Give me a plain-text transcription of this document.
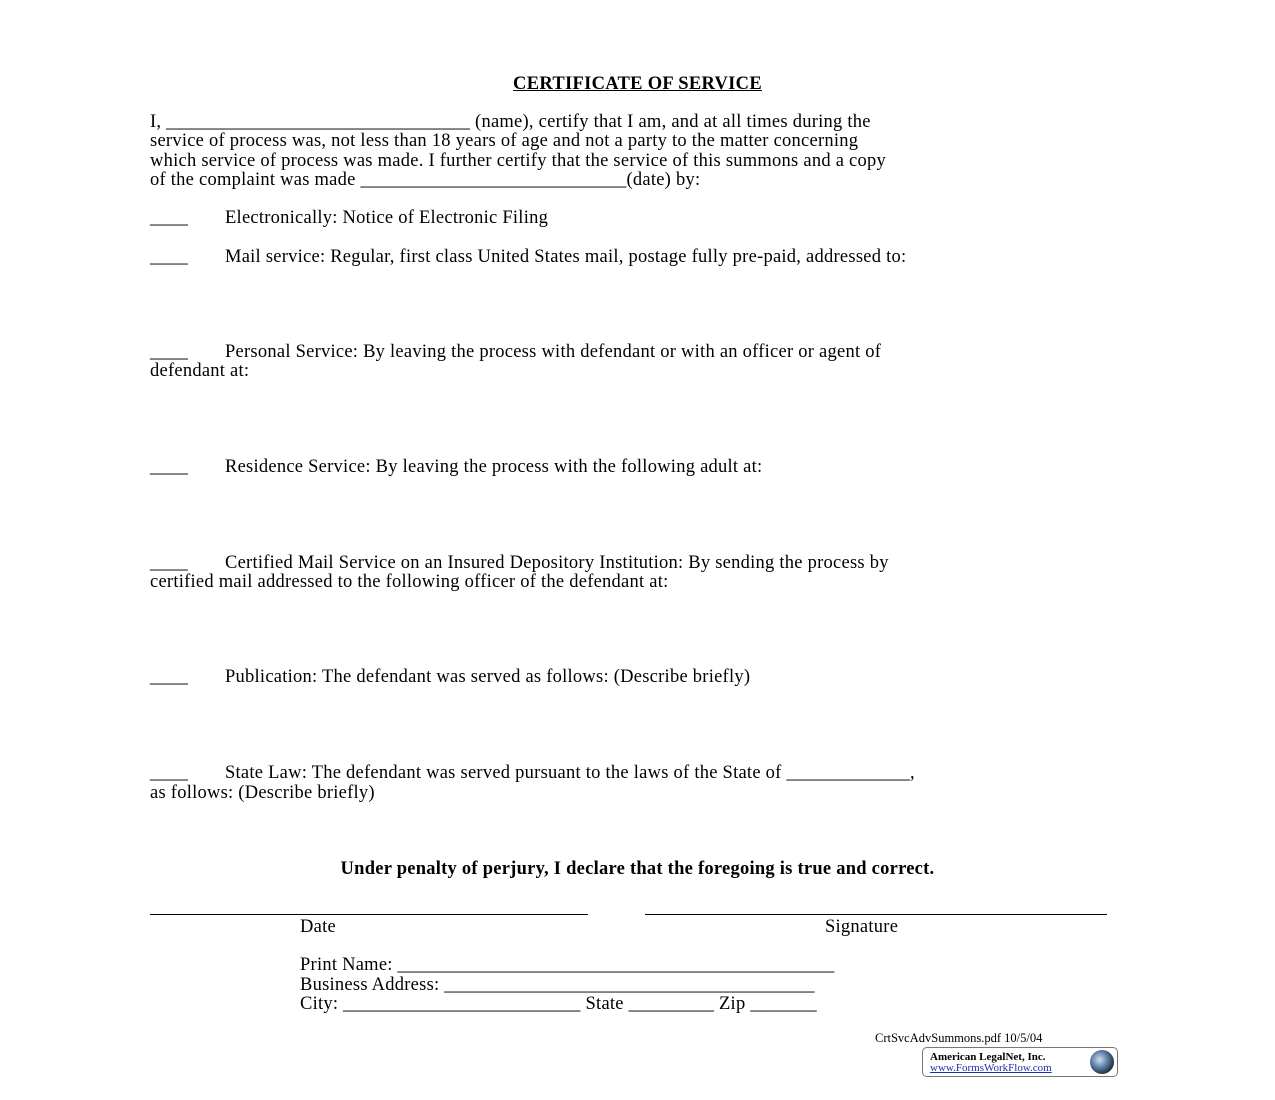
CERTIFICATE OF SERVICE
I, ________________________________ (name), certify that I am, and at all times during the
service of process was, not less than 18 years of age and not a party to the matter concerning
which service of process was made. I further certify that the service of this summons and a copy
of the complaint was made ____________________________(date) by:
____ Electronically: Notice of Electronic Filing
____ Mail service: Regular, first class United States mail, postage fully pre-paid, addressed to:
____ Personal Service: By leaving the process with defendant or with an officer or agent of
defendant at:
____ Residence Service: By leaving the process with the following adult at:
____ Certified Mail Service on an Insured Depository Institution: By sending the process by
certified mail addressed to the following officer of the defendant at:
____ Publication: The defendant was served as follows: (Describe briefly)
____ State Law: The defendant was served pursuant to the laws of the State of _____________,
as follows: (Describe briefly)
Under penalty of perjury, I declare that the foregoing is true and correct.
Date	Signature
Print Name: ______________________________________________
Business Address: _______________________________________
City: _________________________ State _________ Zip _______
CrtSvcAdvSummons.pdf 10/5/04
American LegalNet, Inc.
www.FormsWorkFlow.com
